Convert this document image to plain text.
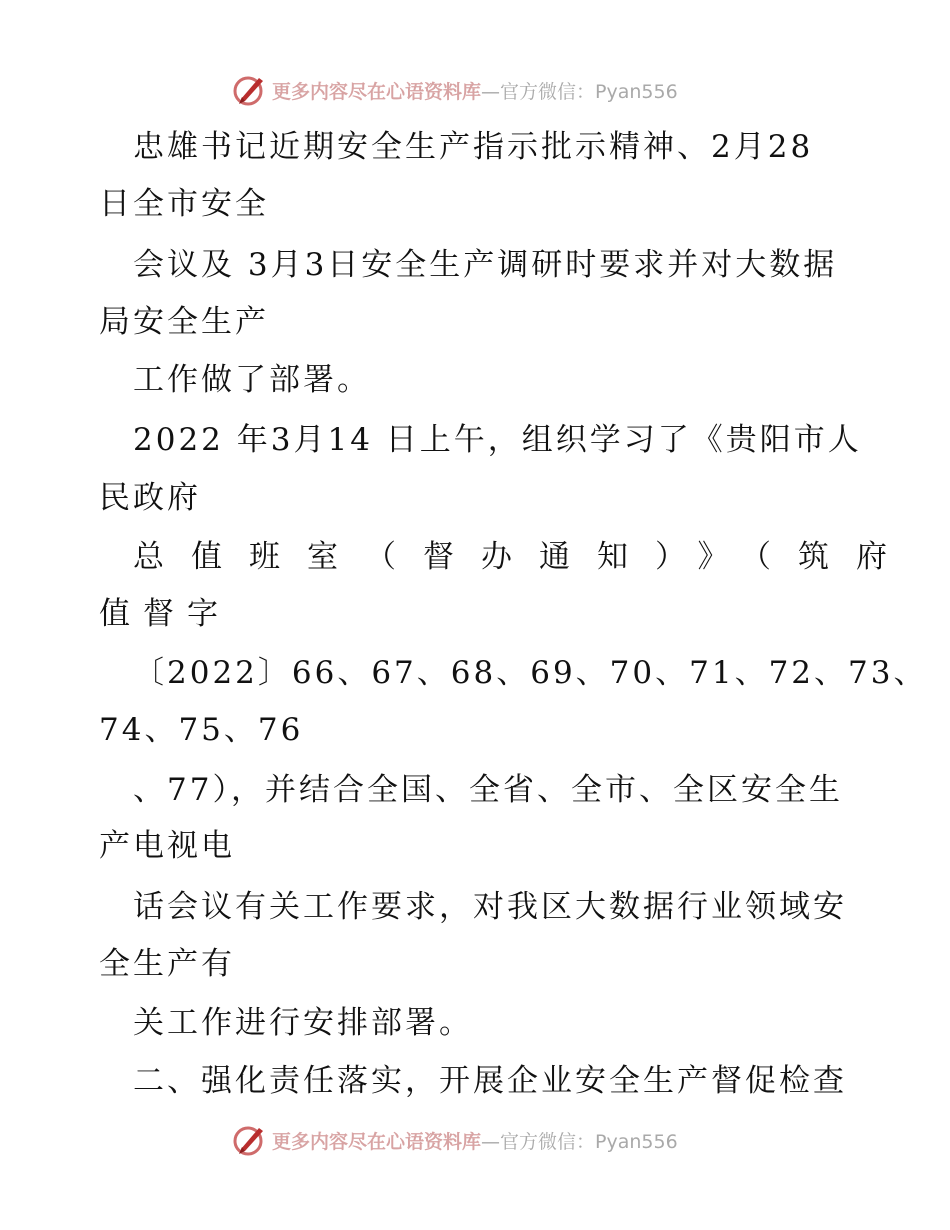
更多内容尽在心语资料库 —官方微信：Pyan556
忠雄书记近期安全生产指示批示精神、2月28
日全市安全
会议及 3月3日安全生产调研时要求并对大数据
局安全生产
工作做了部署。
2022 年3月14 日上午，组织学习了《贵阳市人
民政府
总值班室（督办通知）》（筑府
值督字
〔2022〕66、67、68、69、70、71、72、73、
74、75、76
、77），并结合全国、全省、全市、全区安全生
产电视电
话会议有关工作要求，对我区大数据行业领域安
全生产有
关工作进行安排部署。
二、强化责任落实，开展企业安全生产督促检查
更多内容尽在心语资料库 —官方微信：Pyan556
